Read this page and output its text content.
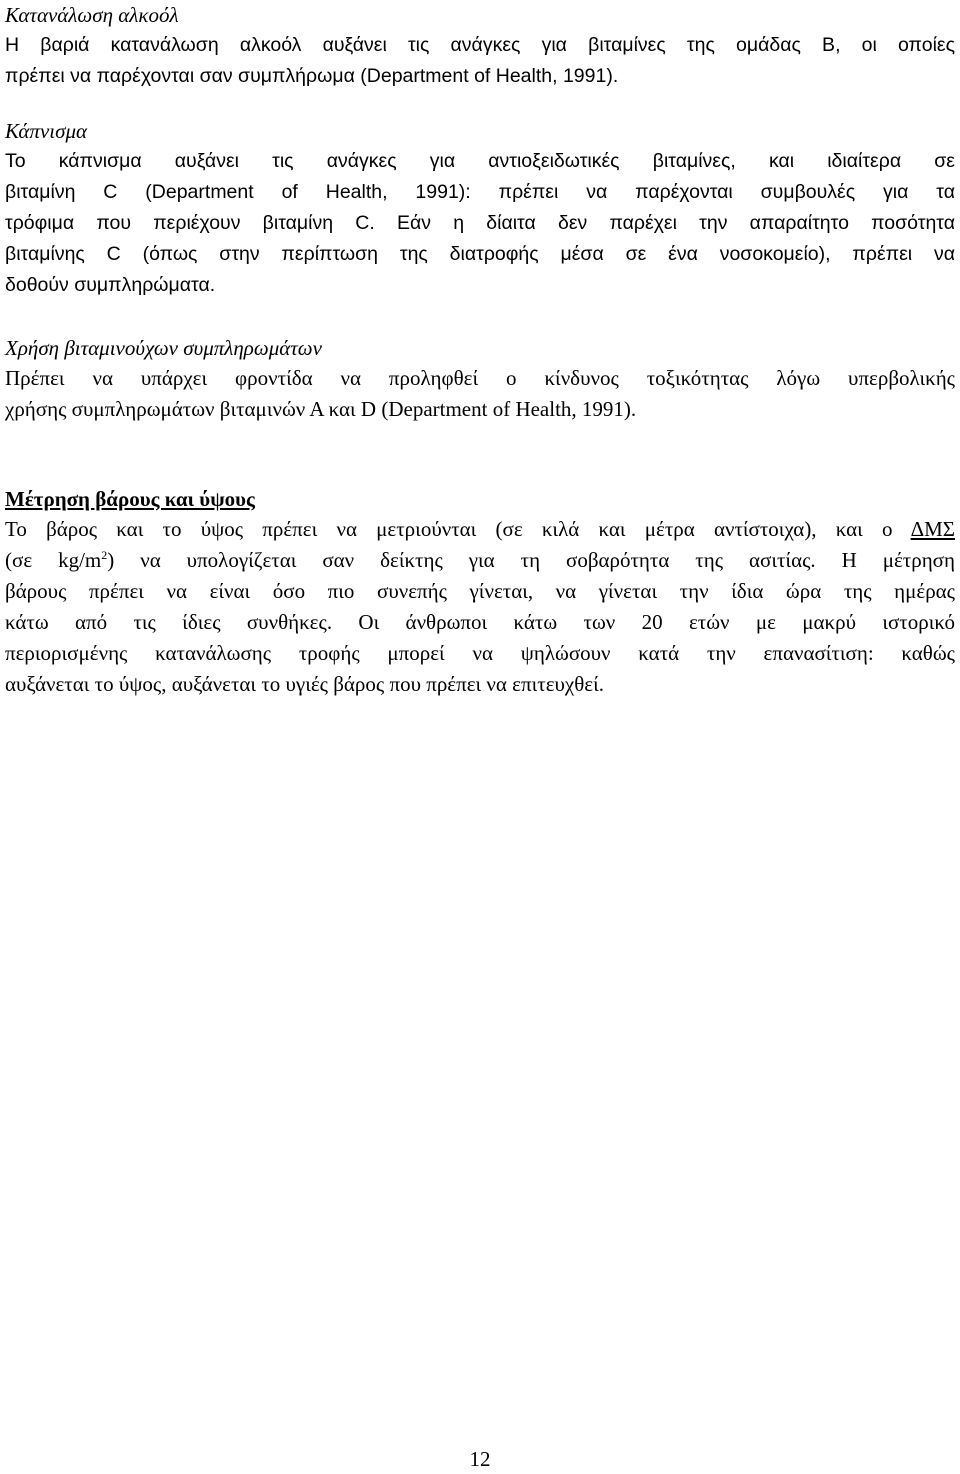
Κατανάλωση αλκοόλ

Η βαριά κατανάλωση αλκοόλ αυξάνει τις ανάγκες για βιταμίνες της ομάδας Β, οι οποίες
πρέπει να παρέχονται σαν συμπλήρωμα (Department of Health, 1991).

Κάπνισμα

Το κάπνισμα αυξάνει τις ανάγκες για αντιοξειδωτικές βιταμίνες, και ιδιαίτερα σε
βιταμίνη C (Department of Health, 1991): πρέπει να παρέχονται συμβουλές για τα
τρόφιμα που περιέχουν βιταμίνη C. Εάν η δίαιτα δεν παρέχει την απαραίτητο ποσότητα
βιταμίνης C (όπως στην περίπτωση της διατροφής μέσα σε ένα νοσοκομείο), πρέπει να
δοθούν συμπληρώματα.

Χρήση βιταμινούχων συμπληρωμάτων

Πρέπει να υπάρχει φροντίδα να προληφθεί ο κίνδυνος τοξικότητας λόγω υπερβολικής
χρήσης συμπληρωμάτων βιταμινών Α και D (Department of Health, 1991).

Μέτρηση βάρους και ύψους

Το βάρος και το ύψος πρέπει να μετριούνται (σε κιλά και μέτρα αντίστοιχα), και ο ΔΜΣ
(σε $kg/m^2$) να υπολογίζεται σαν δείκτης για τη σοβαρότητα της ασιτίας. Η μέτρηση
βάρους πρέπει να είναι όσο πιο συνεπής γίνεται, να γίνεται την ίδια ώρα της ημέρας
κάτω από τις ίδιες συνθήκες. Οι άνθρωποι κάτω των 20 ετών με μακρύ ιστορικό
περιορισμένης κατανάλωσης τροφής μπορεί να ψηλώσουν κατά την επανασίτιση: καθώς
αυξάνεται το ύψος, αυξάνεται το υγιές βάρος που πρέπει να επιτευχθεί.

12
